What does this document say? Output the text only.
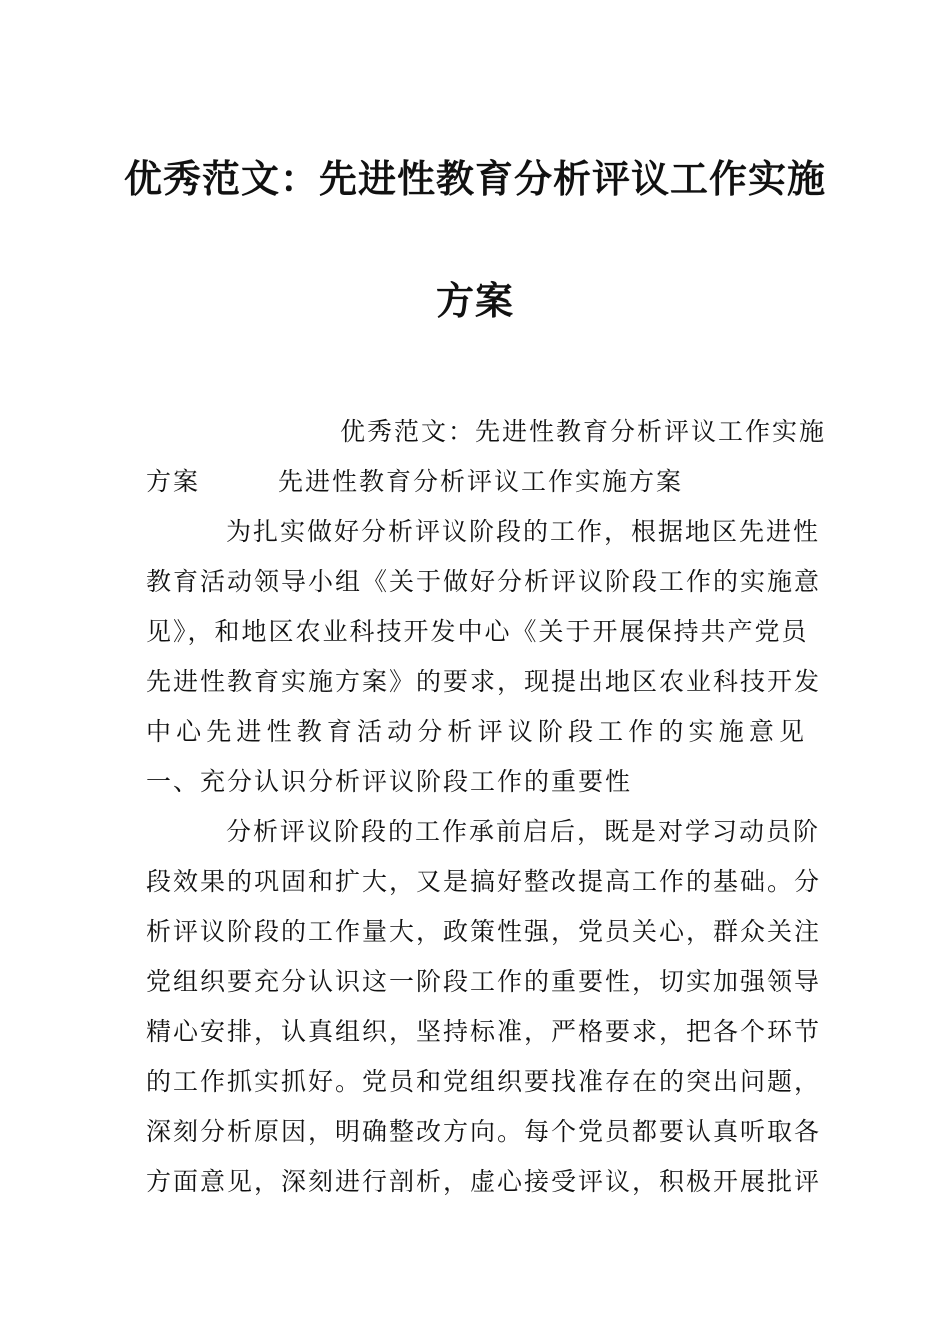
优秀范文：先进性教育分析评议工作实施
方案
优秀范文：先进性教育分析评议工作实施
方案	先进性教育分析评议工作实施方案
为扎实做好分析评议阶段的工作，根据地区先进性
教育活动领导小组《关于做好分析评议阶段工作的实施意
见》，和地区农业科技开发中心《关于开展保持共产党员
先进性教育实施方案》的要求，现提出地区农业科技开发
中心先进性教育活动分析评议阶段工作的实施意见
一、充分认识分析评议阶段工作的重要性
分析评议阶段的工作承前启后，既是对学习动员阶
段效果的巩固和扩大，又是搞好整改提高工作的基础。分
析评议阶段的工作量大，政策性强，党员关心，群众关注
党组织要充分认识这一阶段工作的重要性，切实加强领导
精心安排，认真组织，坚持标准，严格要求，把各个环节
的工作抓实抓好。党员和党组织要找准存在的突出问题，
深刻分析原因，明确整改方向。每个党员都要认真听取各
方面意见，深刻进行剖析，虚心接受评议，积极开展批评
